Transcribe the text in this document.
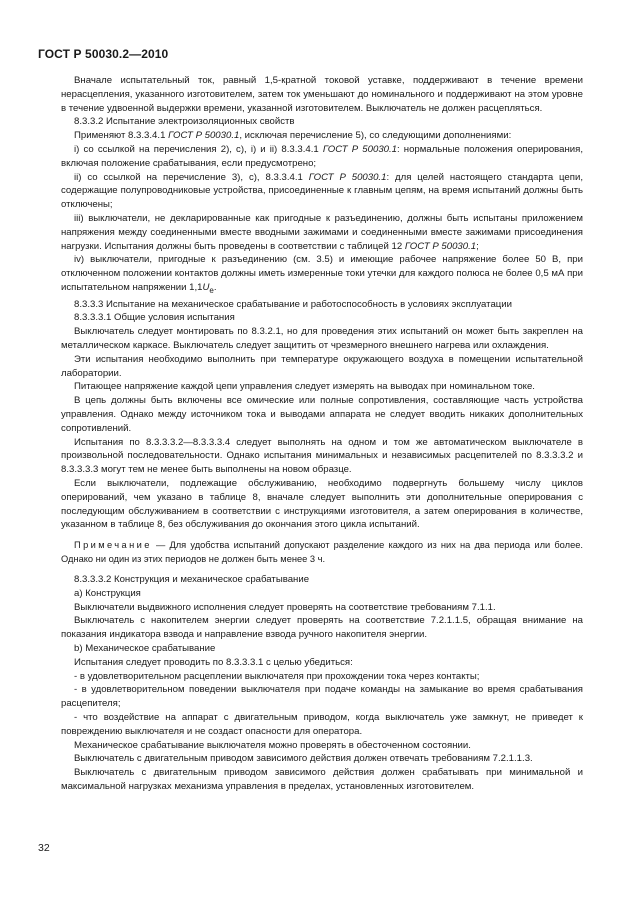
ГОСТ Р 50030.2—2010

Вначале испытательный ток, равный 1,5-кратной токовой уставке, поддерживают в течение времени нерасцепления, указанного изготовителем, затем ток уменьшают до номинального и поддерживают на этом уровне в течение удвоенной выдержки времени, указанной изготовителем. Выключатель не должен расцепляться.

8.3.3.2 Испытание электроизоляционных свойств

Применяют 8.3.3.4.1 ГОСТ Р 50030.1, исключая перечисление 5), со следующими дополнениями:

i) со ссылкой на перечисления 2), с), i) и ii) 8.3.3.4.1 ГОСТ Р 50030.1: нормальные положения оперирования, включая положение срабатывания, если предусмотрено;

ii) со ссылкой на перечисление 3), с), 8.3.3.4.1 ГОСТ Р 50030.1: для целей настоящего стандарта цепи, содержащие полупроводниковые устройства, присоединенные к главным цепям, на время испытаний должны быть отключены;

iii) выключатели, не декларированные как пригодные к разъединению, должны быть испытаны приложением напряжения между соединенными вместе вводными зажимами и соединенными вместе зажимами присоединения нагрузки. Испытания должны быть проведены в соответствии с таблицей 12 ГОСТ Р 50030.1;

iv) выключатели, пригодные к разъединению (см. 3.5) и имеющие рабочее напряжение более 50 В, при отключенном положении контактов должны иметь измеренные токи утечки для каждого полюса не более 0,5 мА при испытательном напряжении $1,1U_e$.

8.3.3.3 Испытание на механическое срабатывание и работоспособность в условиях эксплуатации

8.3.3.3.1 Общие условия испытания

Выключатель следует монтировать по 8.3.2.1, но для проведения этих испытаний он может быть закреплен на металлическом каркасе. Выключатель следует защитить от чрезмерного внешнего нагрева или охлаждения.

Эти испытания необходимо выполнить при температуре окружающего воздуха в помещении испытательной лаборатории.

Питающее напряжение каждой цепи управления следует измерять на выводах при номинальном токе.

В цепь должны быть включены все омические или полные сопротивления, составляющие часть устройства управления. Однако между источником тока и выводами аппарата не следует вводить никаких дополнительных сопротивлений.

Испытания по 8.3.3.3.2—8.3.3.3.4 следует выполнять на одном и том же автоматическом выключателе в произвольной последовательности. Однако испытания минимальных и независимых расцепителей по 8.3.3.3.2 и 8.3.3.3.3 могут тем не менее быть выполнены на новом образце.

Если выключатели, подлежащие обслуживанию, необходимо подвергнуть большему числу циклов оперирований, чем указано в таблице 8, вначале следует выполнить эти дополнительные оперирования с последующим обслуживанием в соответствии с инструкциями изготовителя, а затем оперирования в количестве, указанном в таблице 8, без обслуживания до окончания этого цикла испытаний.

Примечание — Для удобства испытаний допускают разделение каждого из них на два периода или более. Однако ни один из этих периодов не должен быть менее 3 ч.

8.3.3.3.2 Конструкция и механическое срабатывание

а) Конструкция

Выключатели выдвижного исполнения следует проверять на соответствие требованиям 7.1.1.

Выключатель с накопителем энергии следует проверять на соответствие 7.2.1.1.5, обращая внимание на показания индикатора взвода и направление взвода ручного накопителя энергии.

b) Механическое срабатывание

Испытания следует проводить по 8.3.3.3.1 с целью убедиться:

- в удовлетворительном расцеплении выключателя при прохождении тока через контакты;

- в удовлетворительном поведении выключателя при подаче команды на замыкание во время срабатывания расцепителя;

- что воздействие на аппарат с двигательным приводом, когда выключатель уже замкнут, не приведет к повреждению выключателя и не создаст опасности для оператора.

Механическое срабатывание выключателя можно проверять в обесточенном состоянии.

Выключатель с двигательным приводом зависимого действия должен отвечать требованиям 7.2.1.1.3.

Выключатель с двигательным приводом зависимого действия должен срабатывать при минимальной и максимальной нагрузках механизма управления в пределах, установленных изготовителем.

32
